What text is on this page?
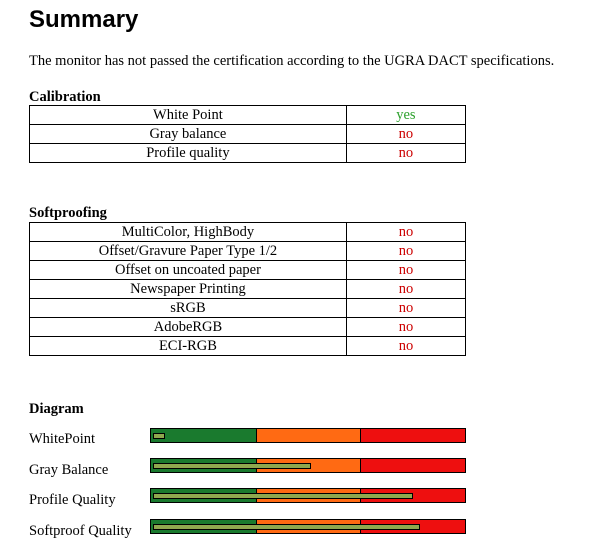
Summary
The monitor has not passed the certification according to the UGRA DACT specifications.
Calibration
White Point	yes
Gray balance	no
Profile quality	no
Softproofing
MultiColor, HighBody	no
Offset/Gravure Paper Type 1/2	no
Offset on uncoated paper	no
Newspaper Printing	no
sRGB	no
AdobeRGB	no
ECI-RGB	no
Diagram
WhitePoint
Gray Balance
Profile Quality
Softproof Quality
